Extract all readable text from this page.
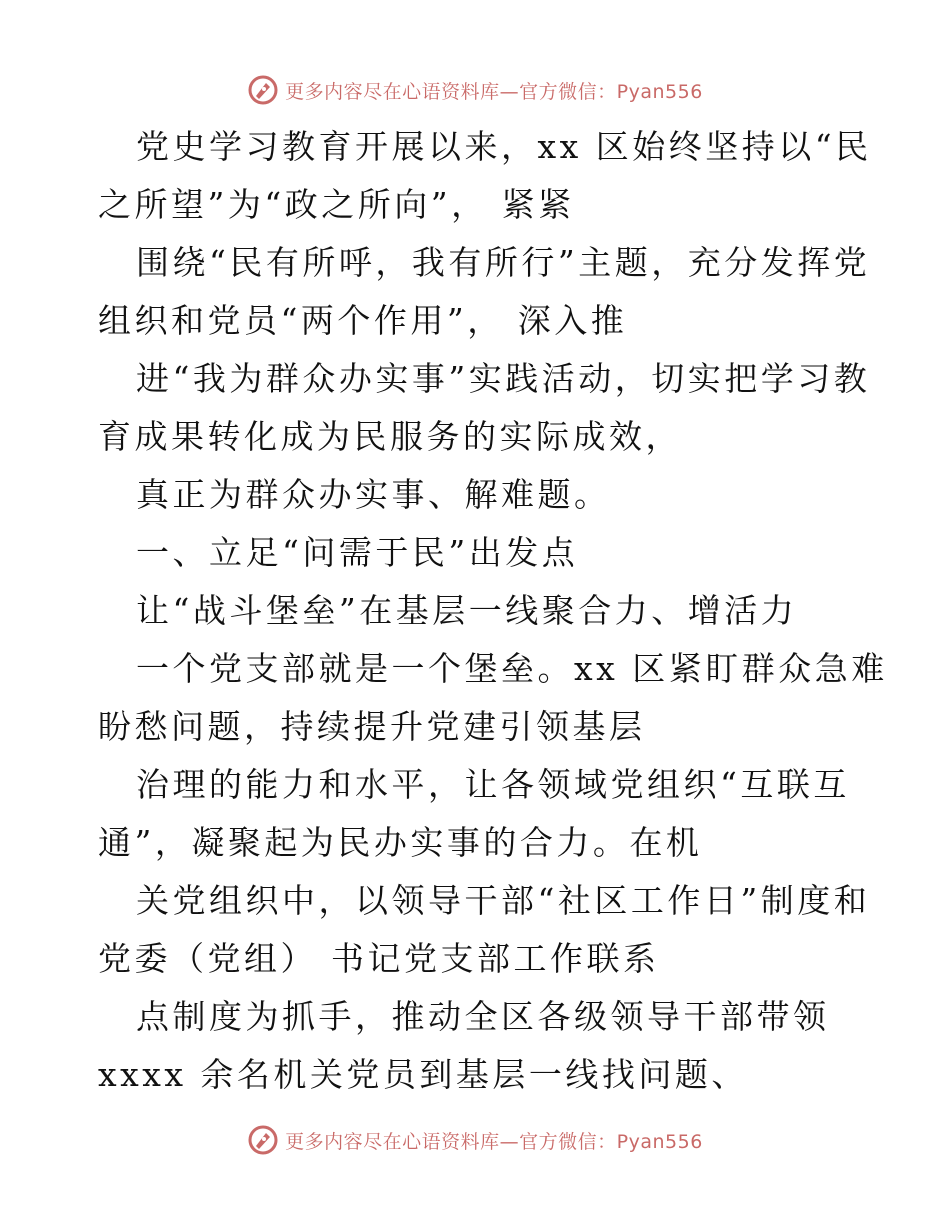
更多内容尽在心语资料库—官方微信：Pyan556
党史学习教育开展以来，xx 区始终坚持以“民
之所望”为“政之所向”， 紧紧
围绕“民有所呼，我有所行”主题，充分发挥党
组织和党员“两个作用”， 深入推
进“我为群众办实事”实践活动，切实把学习教
育成果转化成为民服务的实际成效，
真正为群众办实事、解难题。
一、立足“问需于民”出发点
让“战斗堡垒”在基层一线聚合力、增活力
一个党支部就是一个堡垒。xx 区紧盯群众急难
盼愁问题，持续提升党建引领基层
治理的能力和水平，让各领域党组织“互联互
通”，凝聚起为民办实事的合力。在机
关党组织中，以领导干部“社区工作日”制度和
党委（党组） 书记党支部工作联系
点制度为抓手，推动全区各级领导干部带领
xxxx 余名机关党员到基层一线找问题、
更多内容尽在心语资料库—官方微信：Pyan556
